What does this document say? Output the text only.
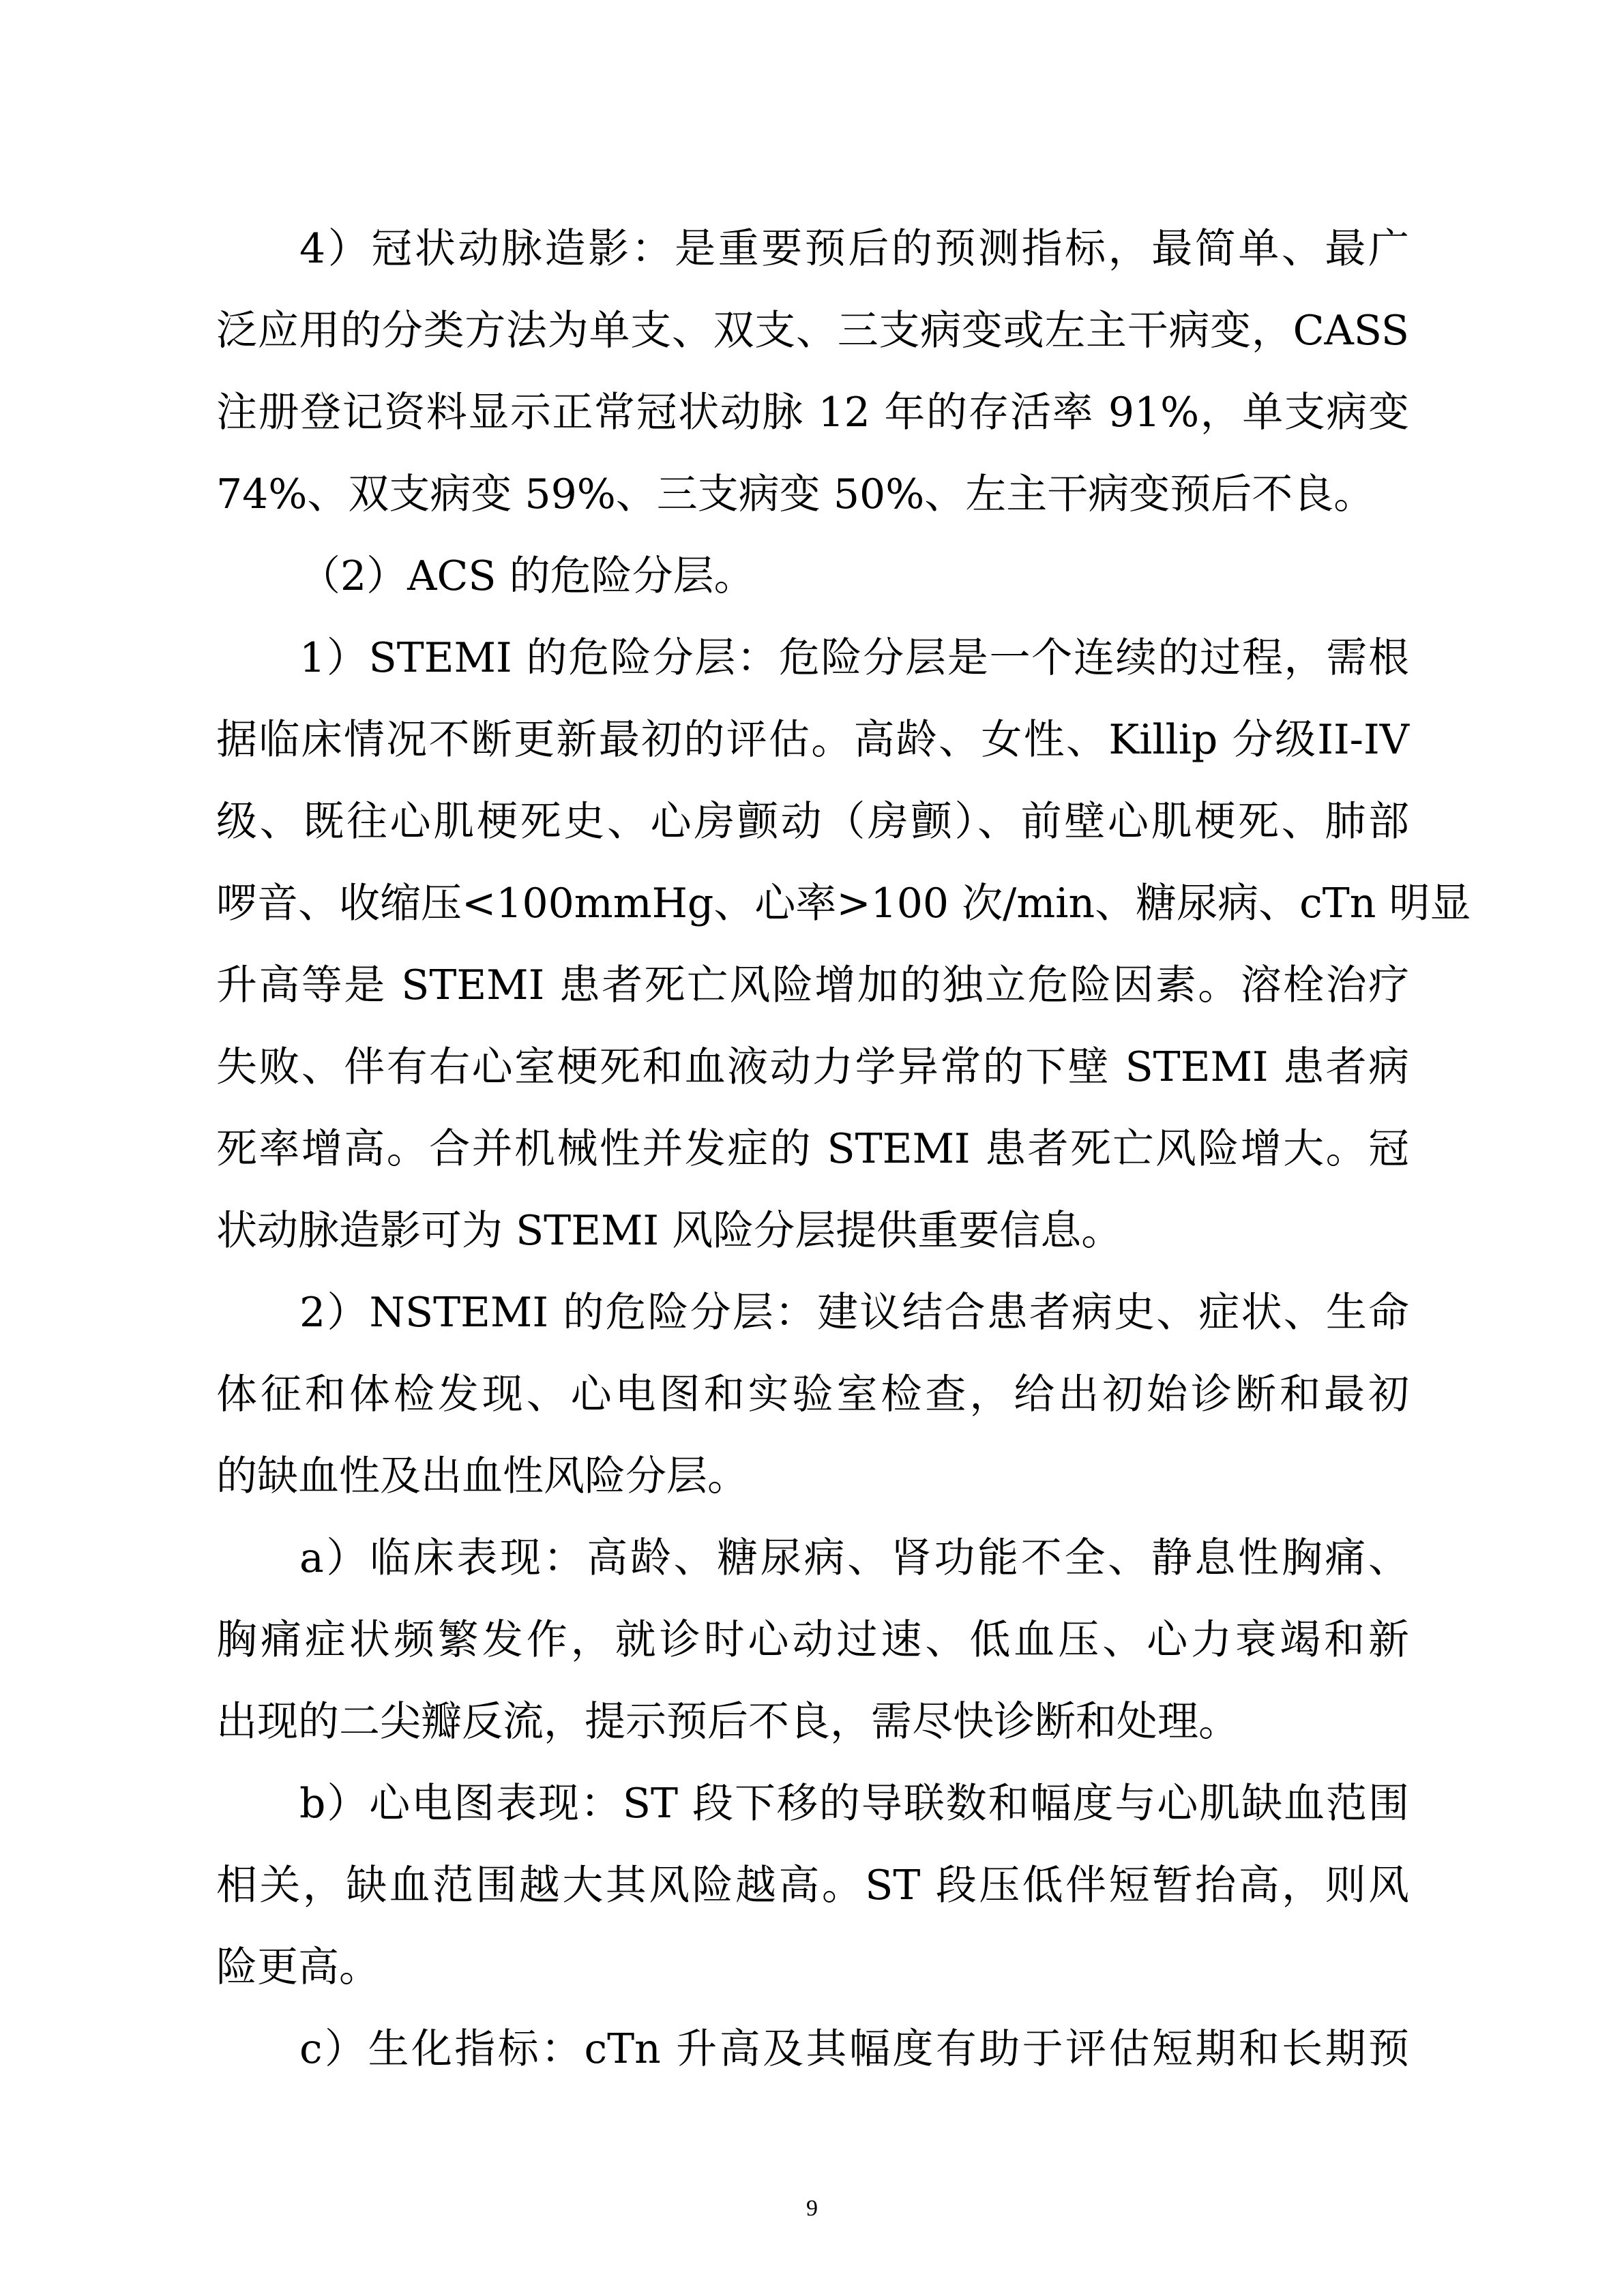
4）冠状动脉造影：是重要预后的预测指标，最简单、最广
泛应用的分类方法为单支、双支、三支病变或左主干病变，CASS
注册登记资料显示正常冠状动脉 12 年的存活率 91%，单支病变
74%、双支病变 59%、三支病变 50%、左主干病变预后不良。
（2）ACS 的危险分层。
1）STEMI 的危险分层：危险分层是一个连续的过程，需根
据临床情况不断更新最初的评估。高龄、女性、Killip 分级II-IV
级、既往心肌梗死史、心房颤动（房颤）、前壁心肌梗死、肺部
啰音、收缩压<100mmHg、心率>100 次/min、糖尿病、cTn 明显
升高等是 STEMI 患者死亡风险增加的独立危险因素。溶栓治疗
失败、伴有右心室梗死和血液动力学异常的下壁 STEMI 患者病
死率增高。合并机械性并发症的 STEMI 患者死亡风险增大。冠
状动脉造影可为 STEMI 风险分层提供重要信息。
2）NSTEMI 的危险分层：建议结合患者病史、症状、生命
体征和体检发现、心电图和实验室检查，给出初始诊断和最初
的缺血性及出血性风险分层。
a）临床表现：高龄、糖尿病、肾功能不全、静息性胸痛、
胸痛症状频繁发作，就诊时心动过速、低血压、心力衰竭和新
出现的二尖瓣反流，提示预后不良，需尽快诊断和处理。
b）心电图表现：ST 段下移的导联数和幅度与心肌缺血范围
相关，缺血范围越大其风险越高。ST 段压低伴短暂抬高，则风
险更高。
c）生化指标：cTn 升高及其幅度有助于评估短期和长期预
9
